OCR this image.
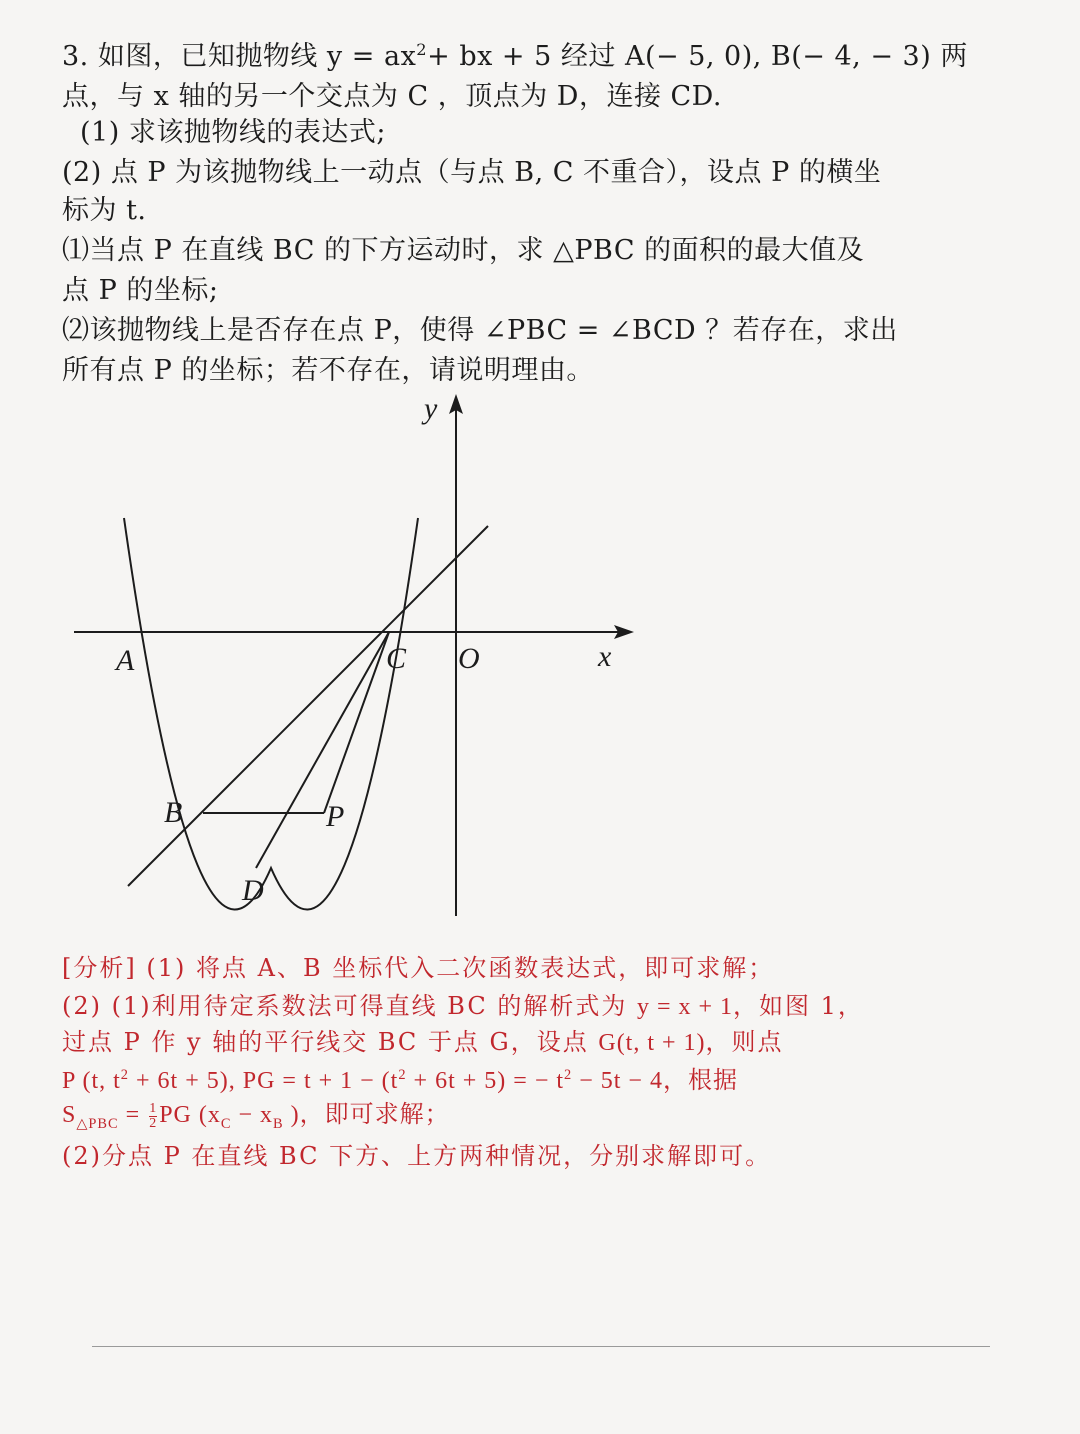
3. 如图，已知抛物线 $y = ax^2+$ bx + 5 经过 A(− 5, 0), B(− 4, − 3) 两
点，与 x 轴的另一个交点为 C ，顶点为 D，连接 CD.
(1) 求该抛物线的表达式;
(2) 点 P 为该抛物线上一动点（与点 B, C 不重合），设点 P 的横坐
标为 t.
⑴当点 P 在直线 BC 的下方运动时，求 △PBC 的面积的最大值及
点 P 的坐标;
⑵该抛物线上是否存在点 P，使得 ∠PBC = ∠BCD ？若存在，求出
所有点 P 的坐标；若不存在，请说明理由。
y
x
A	C O
B	P
D
[分析] (1) 将点 A、B 坐标代入二次函数表达式，即可求解；
(2) (1)利用待定系数法可得直线 BC 的解析式为 y = x + 1，如图 1，
过点 P 作 y 轴的平行线交 BC 于点 G，设点 G(t, t + 1)，则点
P (t, $t^2 + 6t + 5$), PG = $t + 1 - (t^2 + 6t + 5)$ = − $t^2 - 5t - 4$，根据
$S_{\triangle PBC} = \frac{1}{2}$ PG ($x_C - x_B$ )，即可求解；
(2)分点 P 在直线 BC 下方、上方两种情况，分别求解即可。
